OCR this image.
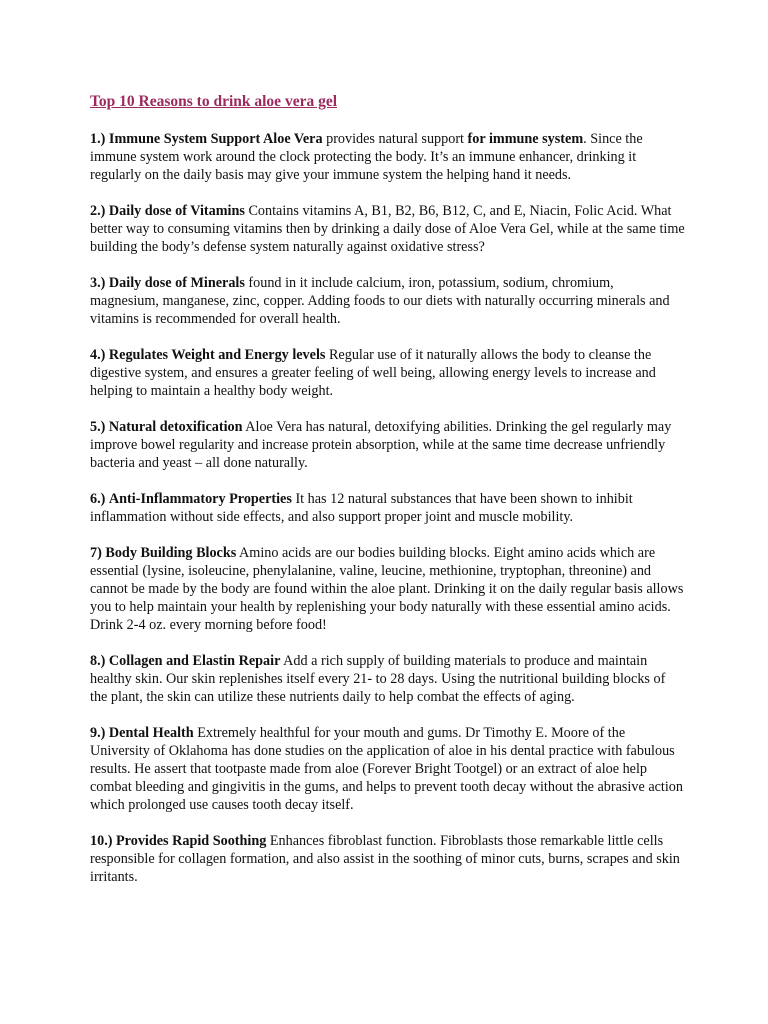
Top 10 Reasons to drink aloe vera gel

1.) Immune System Support Aloe Vera provides natural support for immune system. Since the immune system work around the clock protecting the body. It’s an immune enhancer, drinking it regularly on the daily basis may give your immune system the helping hand it needs.

2.) Daily dose of Vitamins Contains vitamins A, B1, B2, B6, B12, C, and E, Niacin, Folic Acid. What better way to consuming vitamins then by drinking a daily dose of Aloe Vera Gel, while at the same time building the body’s defense system naturally against oxidative stress?

3.) Daily dose of Minerals found in it include calcium, iron, potassium, sodium, chromium, magnesium, manganese, zinc, copper. Adding foods to our diets with naturally occurring minerals and vitamins is recommended for overall health.

4.) Regulates Weight and Energy levels Regular use of it naturally allows the body to cleanse the digestive system, and ensures a greater feeling of well being, allowing energy levels to increase and helping to maintain a healthy body weight.

5.) Natural detoxification Aloe Vera has natural, detoxifying abilities. Drinking the gel regularly may improve bowel regularity and increase protein absorption, while at the same time decrease unfriendly bacteria and yeast – all done naturally.

6.) Anti-Inflammatory Properties It has 12 natural substances that have been shown to inhibit inflammation without side effects, and also support proper joint and muscle mobility.

7) Body Building Blocks Amino acids are our bodies building blocks. Eight amino acids which are essential (lysine, isoleucine, phenylalanine, valine, leucine, methionine, tryptophan, threonine) and cannot be made by the body are found within the aloe plant. Drinking it on the daily regular basis allows you to help maintain your health by replenishing your body naturally with these essential amino acids. Drink 2-4 oz. every morning before food!

8.) Collagen and Elastin Repair Add a rich supply of building materials to produce and maintain healthy skin. Our skin replenishes itself every 21- to 28 days. Using the nutritional building blocks of the plant, the skin can utilize these nutrients daily to help combat the effects of aging.

9.) Dental Health Extremely healthful for your mouth and gums. Dr Timothy E. Moore of the University of Oklahoma has done studies on the application of aloe in his dental practice with fabulous results. He assert that tootpaste made from aloe (Forever Bright Tootgel) or an extract of aloe help combat bleeding and gingivitis in the gums, and helps to prevent tooth decay without the abrasive action which prolonged use causes tooth decay itself.

10.) Provides Rapid Soothing Enhances fibroblast function. Fibroblasts those remarkable little cells responsible for collagen formation, and also assist in the soothing of minor cuts, burns, scrapes and skin irritants.
